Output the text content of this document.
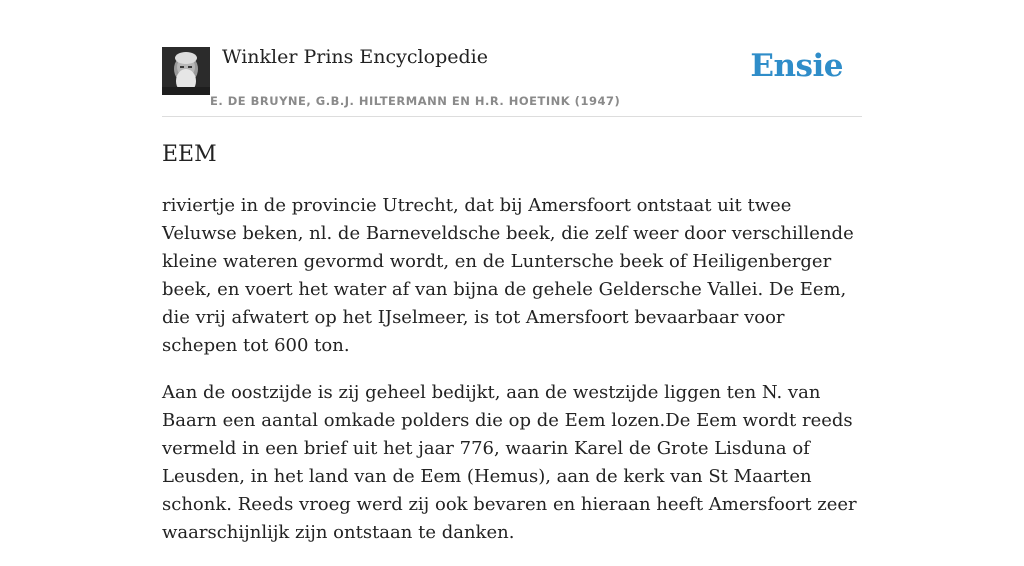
Winkler Prins Encyclopedie
E. DE BRUYNE, G.B.J. HILTERMANN EN H.R. HOETINK (1947)
Ensie
EEM

riviertje in de provincie Utrecht, dat bij Amersfoort ontstaat uit twee Veluwse beken, nl. de Barneveldsche beek, die zelf weer door verschillende kleine wateren gevormd wordt, en de Luntersche beek of Heiligenberger beek, en voert het water af van bijna de gehele Geldersche Vallei. De Eem, die vrij afwatert op het IJselmeer, is tot Amersfoort bevaarbaar voor schepen tot 600 ton.

Aan de oostzijde is zij geheel bedijkt, aan de westzijde liggen ten N. van Baarn een aantal omkade polders die op de Eem lozen.De Eem wordt reeds vermeld in een brief uit het jaar 776, waarin Karel de Grote Lisduna of Leusden, in het land van de Eem (Hemus), aan de kerk van St Maarten schonk. Reeds vroeg werd zij ook bevaren en hieraan heeft Amersfoort zeer waarschijnlijk zijn ontstaan te danken.
